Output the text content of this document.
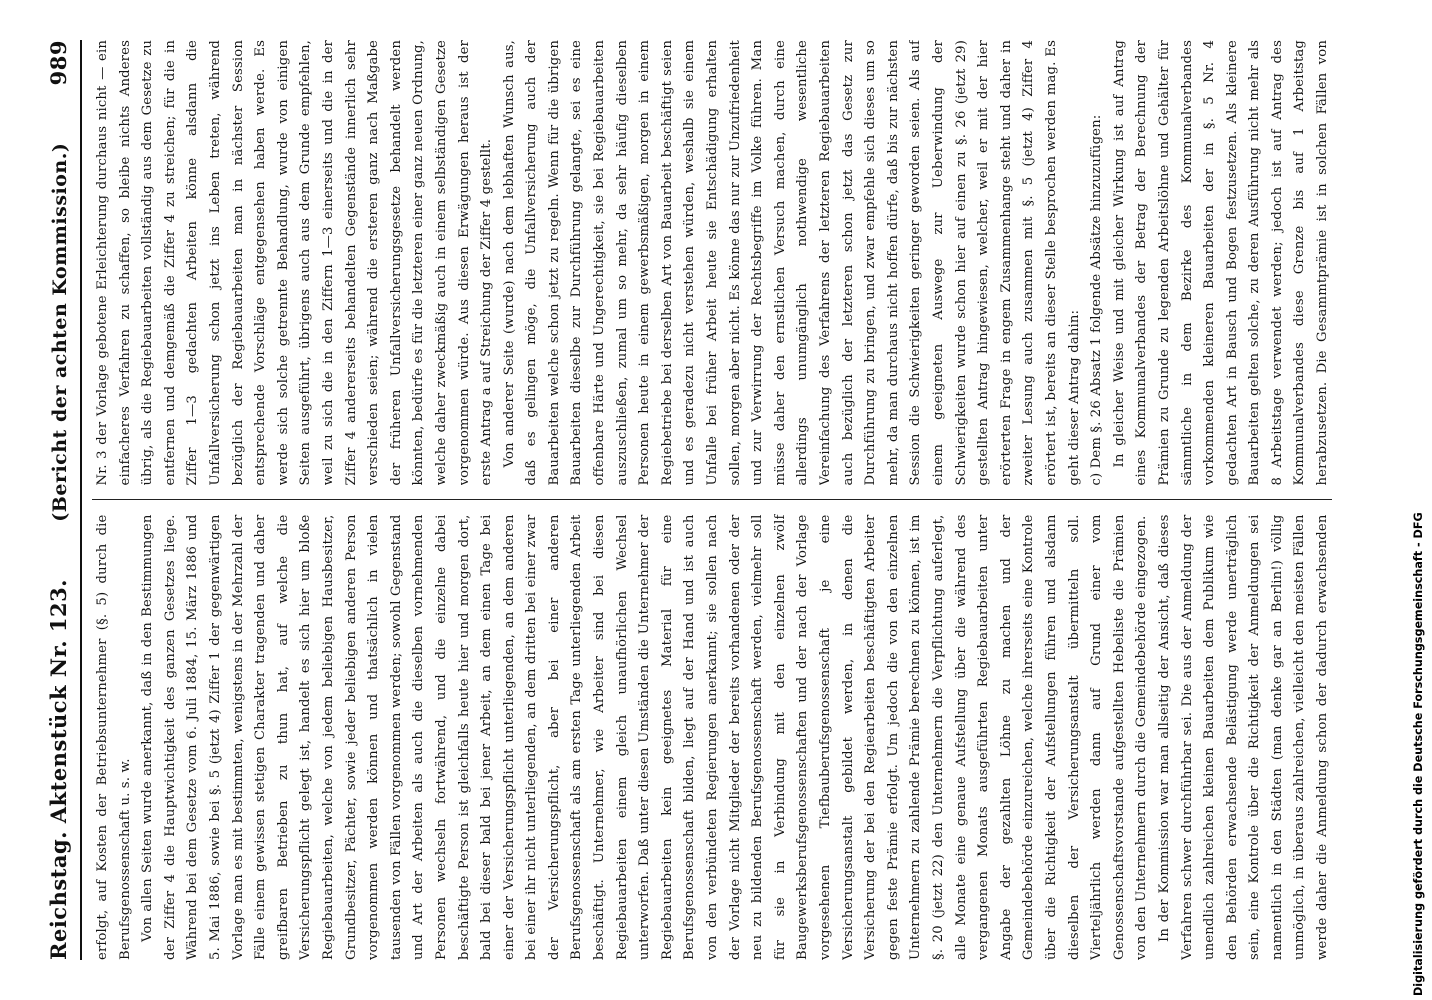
Reichstag. Aktenstück Nr. 123.
(Bericht der achten Kommission.)
989

erfolgt, auf Kosten der Betriebsunternehmer (§. 5) durch die Berufsgenossenschaft u. s. w. Von allen Seiten wurde anerkannt, daß in den Bestimmungen der Ziffer 4 die Hauptwichtigkeit des ganzen Gesetzes liege. Während bei dem Gesetze vom 6. Juli 1884, 15. März 1886 und 5. Mai 1886, sowie bei §. 5 (jetzt 4) Ziffer 1 der gegenwärtigen Vorlage man es mit bestimmten, wenigstens in der Mehrzahl der Fälle einem gewissen stetigen Charakter tragenden und daher greifbaren Betrieben zu thun hat, auf welche die Versicherungspflicht gelegt ist, handelt es sich hier um bloße Regiebauarbeiten, welche von jedem beliebigen Hausbesitzer, Grundbesitzer, Pächter, sowie jeder beliebigen anderen Person vorgenommen werden können und thatsächlich in vielen tausenden von Fällen vorgenommen werden; sowohl Gegenstand und Art der Arbeiten als auch die dieselben vornehmenden Personen wechseln fortwährend, und die einzelne dabei beschäftigte Person ist gleichfalls heute hier und morgen dort, bald bei dieser bald bei jener Arbeit, an dem einen Tage bei einer der Versicherungspflicht unterliegenden, an dem anderen bei einer ihr nicht unterliegenden, an dem dritten bei einer zwar der Versicherungspflicht, aber bei einer anderen Berufsgenossenschaft als am ersten Tage unterliegenden Arbeit beschäftigt. Unternehmer, wie Arbeiter sind bei diesen Regiebauarbeiten einem gleich unaufhörlichen Wechsel unterworfen. Daß unter diesen Umständen die Unternehmer der Regiebauarbeiten kein geeignetes Material für eine Berufsgenossenschaft bilden, liegt auf der Hand und ist auch von den verbündeten Regierungen anerkannt; sie sollen nach der Vorlage nicht Mitglieder der bereits vorhandenen oder der neu zu bildenden Berufsgenossenschaft werden, vielmehr soll für sie in Verbindung mit den einzelnen zwölf Baugewerksberufsgenossenschaften und der nach der Vorlage vorgesehenen Tiefbauberufsgenossenschaft je eine Versicherungsanstalt gebildet werden, in denen die Versicherung der bei den Regiearbeiten beschäftigten Arbeiter gegen feste Prämie erfolgt. Um jedoch die von den einzelnen Unternehmern zu zahlende Prämie berechnen zu können, ist im §. 20 (jetzt 22) den Unternehmern die Verpflichtung auferlegt, alle Monate eine genaue Aufstellung über die während des vergangenen Monats ausgeführten Regiebauarbeiten unter Angabe der gezahlten Löhne zu machen und der Gemeindebehörde einzureichen, welche ihrerseits eine Kontrole über die Richtigkeit der Aufstellungen führen und alsdann dieselben der Versicherungsanstalt übermitteln soll. Vierteljährlich werden dann auf Grund einer vom Genossenschaftsvorstande aufgestellten Hebeliste die Prämien von den Unternehmern durch die Gemeindebehörde eingezogen. In der Kommission war man allseitig der Ansicht, daß dieses Verfahren schwer durchführbar sei. Die aus der Anmeldung der unendlich zahlreichen kleinen Bauarbeiten dem Publikum wie den Behörden erwachsende Belästigung werde unerträglich sein, eine Kontrole über die Richtigkeit der Anmeldungen sei namentlich in den Städten (man denke gar an Berlin!) völlig unmöglich, in überaus zahlreichen, vielleicht den meisten Fällen werde daher die Anmeldung schon der dadurch erwachsenden

Nr. 3 der Vorlage gebotene Erleichterung durchaus nicht — ein einfacheres Verfahren zu schaffen, so bleibe nichts Anderes übrig, als die Regiebauarbeiten vollständig aus dem Gesetze zu entfernen und demgemäß die Ziffer 4 zu streichen; für die in Ziffer 1—3 gedachten Arbeiten könne alsdann die Unfallversicherung schon jetzt ins Leben treten, während bezüglich der Regiebauarbeiten man in nächster Session entsprechende Vorschläge entgegensehen haben werde. Es werde sich solche getrennte Behandlung, wurde von einigen Seiten ausgeführt, übrigens auch aus dem Grunde empfehlen, weil zu sich die in den Ziffern 1—3 einerseits und die in der Ziffer 4 andererseits behandelten Gegenstände innerlich sehr verschieden seien; während die ersteren ganz nach Maßgabe der früheren Unfallversicherungsgesetze behandelt werden könnten, bedürfe es für die letzteren einer ganz neuen Ordnung, welche daher zweckmäßig auch in einem selbständigen Gesetze vorgenommen würde. Aus diesen Erwägungen heraus ist der erste Antrag a auf Streichung der Ziffer 4 gestellt. Von anderer Seite (wurde) nach dem lebhaften Wunsch aus, daß es gelingen möge, die Unfallversicherung auch der Bauarbeiten welche schon jetzt zu regeln. Wenn für die übrigen Bauarbeiten dieselbe zur Durchführung gelangte, sei es eine offenbare Härte und Ungerechtigkeit, sie bei Regiebauarbeiten auszuschließen, zumal um so mehr, da sehr häufig dieselben Personen heute in einem gewerbsmäßigen, morgen in einem Regiebetriebe bei derselben Art von Bauarbeit beschäftigt seien und es geradezu nicht verstehen würden, weshalb sie einem Unfalle bei früher Arbeit heute sie Entschädigung erhalten sollen, morgen aber nicht. Es könne das nur zur Unzufriedenheit und zur Verwirrung der Rechtsbegriffe im Volke führen. Man müsse daher den ernstlichen Versuch machen, durch eine allerdings unumgänglich nothwendige wesentliche Vereinfachung des Verfahrens der letzteren Regiebauarbeiten auch bezüglich der letzteren schon jetzt das Gesetz zur Durchführung zu bringen, und zwar empfehle sich dieses um so mehr, da man durchaus nicht hoffen dürfe, daß bis zur nächsten Session die Schwierigkeiten geringer geworden seien. Als auf einem geeigneten Auswege zur Ueberwindung der Schwierigkeiten wurde schon hier auf einen zu §. 26 (jetzt 29) gestellten Antrag hingewiesen, welcher, weil er mit der hier erörterten Frage in engem Zusammenhange steht und daher in zweiter Lesung auch zusammen mit §. 5 (jetzt 4) Ziffer 4 erörtert ist, bereits an dieser Stelle besprochen werden mag. Es geht dieser Antrag dahin: c) Dem §. 26 Absatz 1 folgende Absätze hinzuzufügen: In gleicher Weise und mit gleicher Wirkung ist auf Antrag eines Kommunalverbandes der Betrag der Berechnung der Prämien zu Grunde zu legenden Arbeitslöhne und Gehälter für sämmtliche in dem Bezirke des Kommunalverbandes vorkommenden kleineren Bauarbeiten der in §. 5 Nr. 4 gedachten Art in Bausch und Bogen festzusetzen. Als kleinere Bauarbeiten gelten solche, zu deren Ausführung nicht mehr als 8 Arbeitstage verwendet werden; jedoch ist auf Antrag des Kommunalverbandes diese Grenze bis auf 1 Arbeitstag herabzusetzen. Die Gesammtprämie ist in solchen Fällen von

Digitalisierung gefördert durch die Deutsche Forschungsgemeinschaft - DFG
